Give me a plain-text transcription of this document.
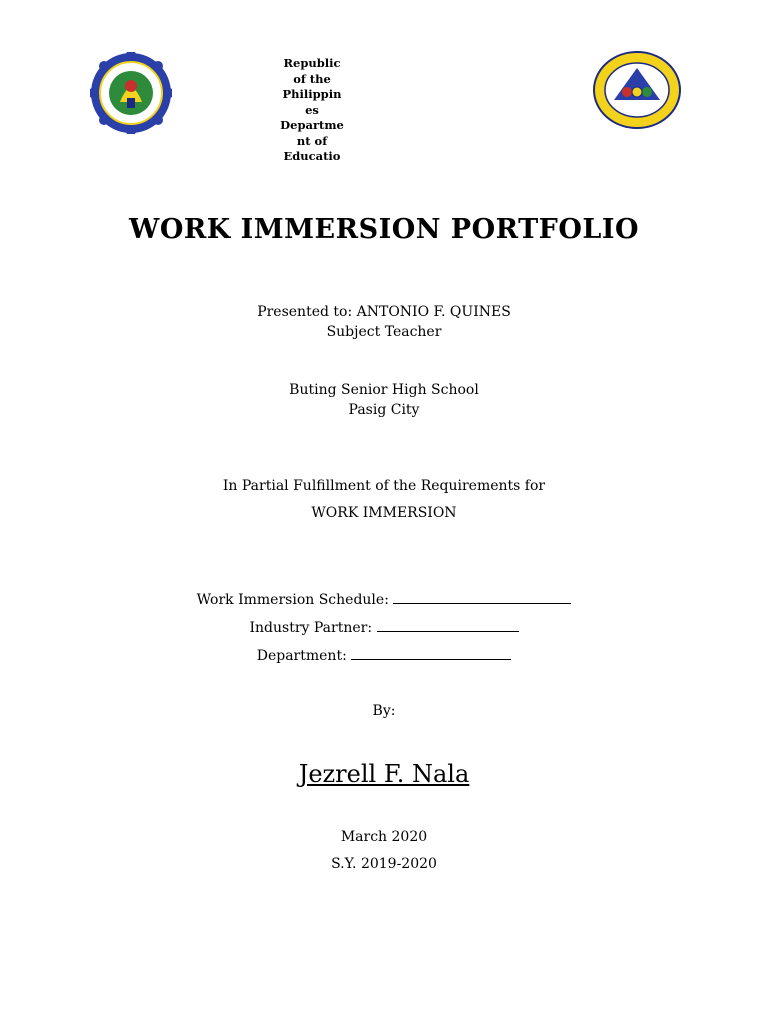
Republic
of the
Philippin
es
Departme
nt of
Educatio
WORK IMMERSION PORTFOLIO
Presented to: ANTONIO F. QUINES
Subject Teacher
Buting Senior High School
Pasig City
In Partial Fulfillment of the Requirements for
WORK IMMERSION
Work Immersion Schedule:
Industry Partner:
Department:
By:
Jezrell F. Nala
March 2020
S.Y. 2019-2020
